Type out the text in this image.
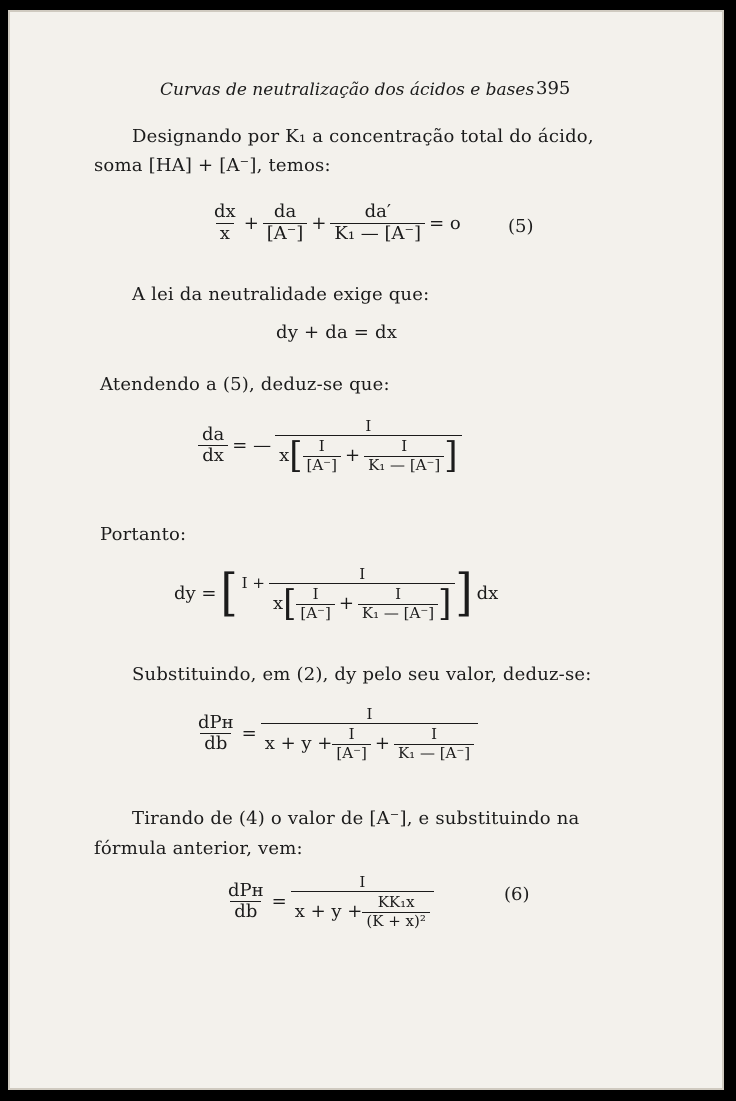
Curvas de neutralização dos ácidos e bases 395
Designando por K₁ a concentração total do ácido,
soma [HA] + [A⁻], temos:
$\frac{dx}{x} + \frac{da}{[A^-]} + \frac{da'}{\text{K₁ — [A⁻]}} = o$	(5)
A lei da neutralidade exige que:
dy + da = dx
Atendendo a (5), deduz-se que:
$\frac{da}{dx}$ = —
I
x [ $\frac{I}{[A^-]} + \frac{I}{\text{K₁ — [A⁻]}}$ ]
Portanto:
dy = [ I +	I
x [ $\frac{I}{[A^-]} + \frac{I}{\text{K₁ — [A⁻]}}$ ] ] dx
Substituindo, em (2), dy pelo seu valor, deduz-se:
$\frac{\text{dPʜ}}{db}$ =
I
$x + y + \frac{I}{[A^-]} + \frac{I}{\text{K₁ — [A⁻]}}$
Tirando de (4) o valor de [A⁻], e substituindo na
fórmula anterior, vem:
$\frac{\text{dPʜ}}{db} = \frac{I}{x + y + \frac{\text{KK₁x}}{\text{(K + x)²}}}$	(6)
